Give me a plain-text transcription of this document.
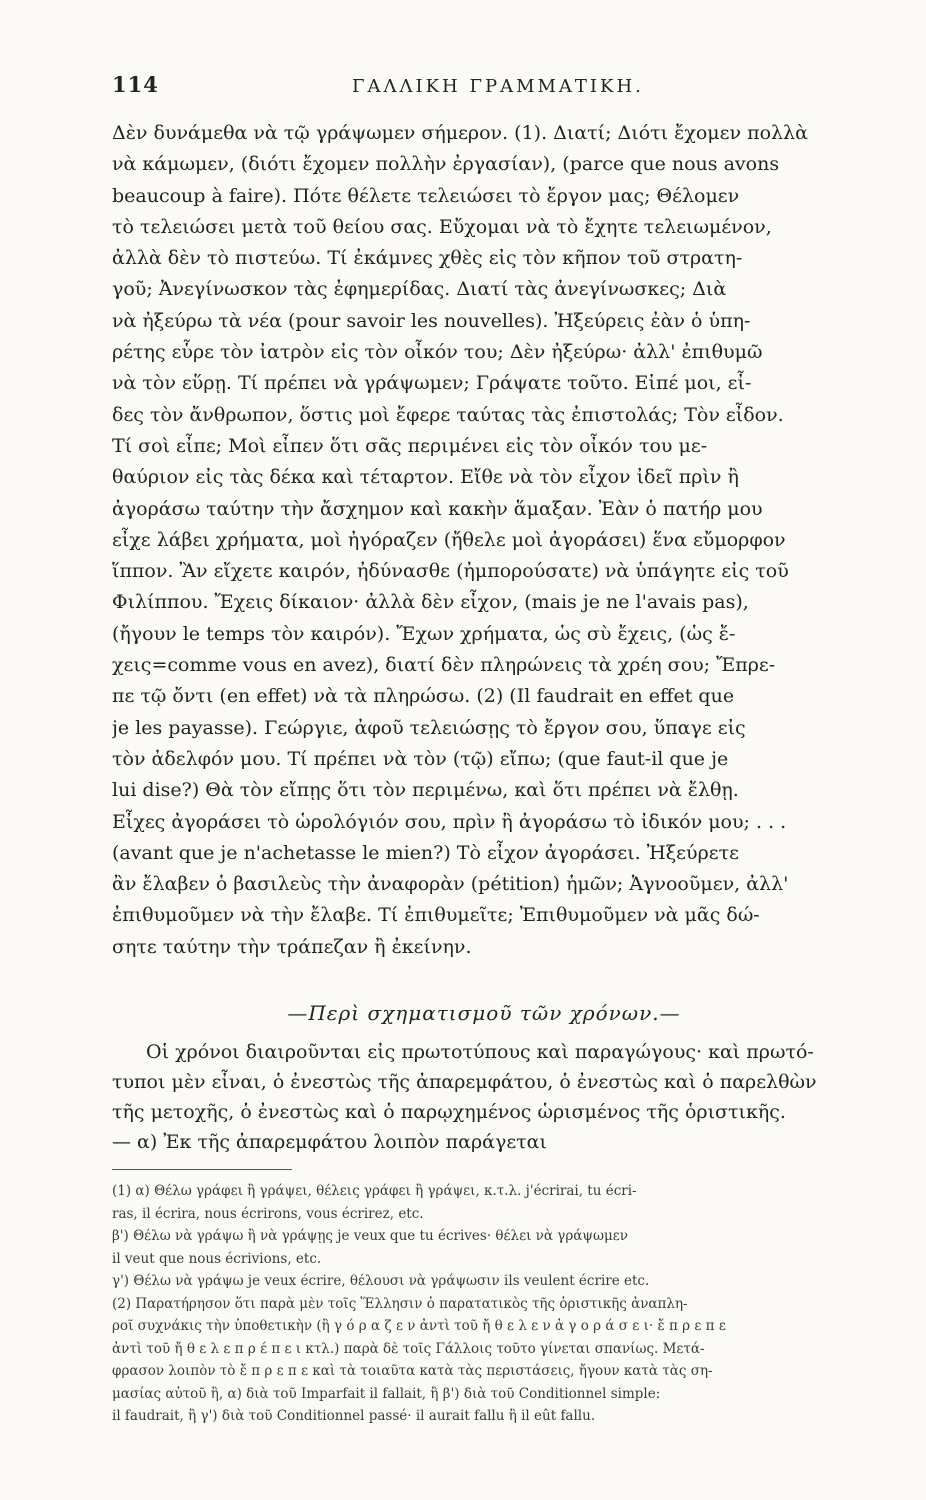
114	ΓΑΛΛΙΚΗ ΓΡΑΜΜΑΤΙΚΗ.
Δὲν δυνάμεθα νὰ τῷ γράψωμεν σήμερον. (1). Διατί; Διότι ἔχομεν πολλὰ
νὰ κάμωμεν, (διότι ἔχομεν πολλὴν ἐργασίαν), (parce que nous avons
beaucoup à faire). Πότε θέλετε τελειώσει τὸ ἔργον μας; Θέλομεν
τὸ τελειώσει μετὰ τοῦ θείου σας. Εὔχομαι νὰ τὸ ἔχητε τελειωμένον,
ἀλλὰ δὲν τὸ πιστεύω. Τί ἐκάμνες χθὲς εἰς τὸν κῆπον τοῦ στρατη-
γοῦ; Ἀνεγίνωσκον τὰς ἐφημερίδας. Διατί τὰς ἀνεγίνωσκες; Διὰ
νὰ ἠξεύρω τὰ νέα (pour savoir les nouvelles). Ἠξεύρεις ἐὰν ὁ ὑπη-
ρέτης εὗρε τὸν ἰατρὸν εἰς τὸν οἶκόν του; Δὲν ἠξεύρω· ἀλλ' ἐπιθυμῶ
νὰ τὸν εὕρῃ. Τί πρέπει νὰ γράψωμεν; Γράψατε τοῦτο. Εἰπέ μοι, εἶ-
δες τὸν ἄνθρωπον, ὅστις μοὶ ἔφερε ταύτας τὰς ἐπιστολάς; Τὸν εἶδον.
Τί σοὶ εἶπε; Μοὶ εἶπεν ὅτι σᾶς περιμένει εἰς τὸν οἶκόν του με-
θαύριον εἰς τὰς δέκα καὶ τέταρτον. Εἴθε νὰ τὸν εἶχον ἰδεῖ πρὶν ἢ
ἀγοράσω ταύτην τὴν ἄσχημον καὶ κακὴν ἅμαξαν. Ἐὰν ὁ πατήρ μου
εἶχε λάβει χρήματα, μοὶ ἠγόραζεν (ἤθελε μοὶ ἀγοράσει) ἕνα εὔμορφον
ἵππον. Ἂν εἴχετε καιρόν, ἠδύνασθε (ἠμπορούσατε) νὰ ὑπάγητε εἰς τοῦ
Φιλίππου. Ἔχεις δίκαιον· ἀλλὰ δὲν εἶχον, (mais je ne l'avais pas),
(ἤγουν le temps τὸν καιρόν). Ἔχων χρήματα, ὡς σὺ ἔχεις, (ὡς ἔ-
χεις=comme vous en avez), διατί δὲν πληρώνεις τὰ χρέη σου; Ἔπρε-
πε τῷ ὄντι (en effet) νὰ τὰ πληρώσω. (2) (Il faudrait en effet que
je les payasse). Γεώργιε, ἀφοῦ τελειώσῃς τὸ ἔργον σου, ὕπαγε εἰς
τὸν ἀδελφόν μου. Τί πρέπει νὰ τὸν (τῷ) εἴπω; (que faut-il que je
lui dise?) Θὰ τὸν εἴπῃς ὅτι τὸν περιμένω, καὶ ὅτι πρέπει νὰ ἔλθῃ.
Εἶχες ἀγοράσει τὸ ὡρολόγιόν σου, πρὶν ἢ ἀγοράσω τὸ ἰδικόν μου; . . .
(avant que je n'achetasse le mien?) Τὸ εἶχον ἀγοράσει. Ἠξεύρετε
ἂν ἔλαβεν ὁ βασιλεὺς τὴν ἀναφορὰν (pétition) ἡμῶν; Ἀγνοοῦμεν, ἀλλ'
ἐπιθυμοῦμεν νὰ τὴν ἔλαβε. Τί ἐπιθυμεῖτε; Ἐπιθυμοῦμεν νὰ μᾶς δώ-
σητε ταύτην τὴν τράπεζαν ἢ ἐκείνην.
—Περὶ σχηματισμοῦ τῶν χρόνων.—
Οἱ χρόνοι διαιροῦνται εἰς πρωτοτύπους καὶ παραγώγους· καὶ πρωτό-
τυποι μὲν εἶναι, ὁ ἐνεστὼς τῆς ἀπαρεμφάτου, ὁ ἐνεστὼς καὶ ὁ παρελθὼν
τῆς μετοχῆς, ὁ ἐνεστὼς καὶ ὁ παρῳχημένος ὡρισμένος τῆς ὁριστικῆς.
— α) Ἐκ τῆς ἀπαρεμφάτου λοιπὸν παράγεται
(1) α) Θέλω γράφει ἢ γράψει, θέλεις γράφει ἢ γράψει, κ.τ.λ. j'écrirai, tu écri-
ras, il écrira, nous écrirons, vous écrirez, etc.
β') Θέλω νὰ γράψω ἢ νὰ γράψῃς je veux que tu écrives· θέλει νὰ γράψωμεν
il veut que nous écrivions, etc.
γ') Θέλω νὰ γράψω je veux écrire, θέλουσι νὰ γράψωσιν ils veulent écrire etc.
(2) Παρατήρησον ὅτι παρὰ μὲν τοῖς Ἕλλησιν ὁ παρατατικὸς τῆς ὁριστικῆς ἀναπλη-
ροῖ συχνάκις τὴν ὑποθετικὴν (ἢ γ ό ρ α ζ ε ν ἀντὶ τοῦ ἤ θ ε λ ε ν ἀ γ ο ρ ά σ ε ι· ἔ π ρ ε π ε
ἀντὶ τοῦ ἤ θ ε λ ε π ρ έ π ε ι κτλ.) παρὰ δὲ τοῖς Γάλλοις τοῦτο γίνεται σπανίως. Μετά-
φρασον λοιπὸν τὸ ἔ π ρ ε π ε καὶ τὰ τοιαῦτα κατὰ τὰς περιστάσεις, ἤγουν κατὰ τὰς ση-
μασίας αὐτοῦ ἢ, α) διὰ τοῦ Imparfait il fallait, ἢ β') διὰ τοῦ Conditionnel simple:
il faudrait, ἢ γ') διὰ τοῦ Conditionnel passé· il aurait fallu ἢ il eût fallu.
